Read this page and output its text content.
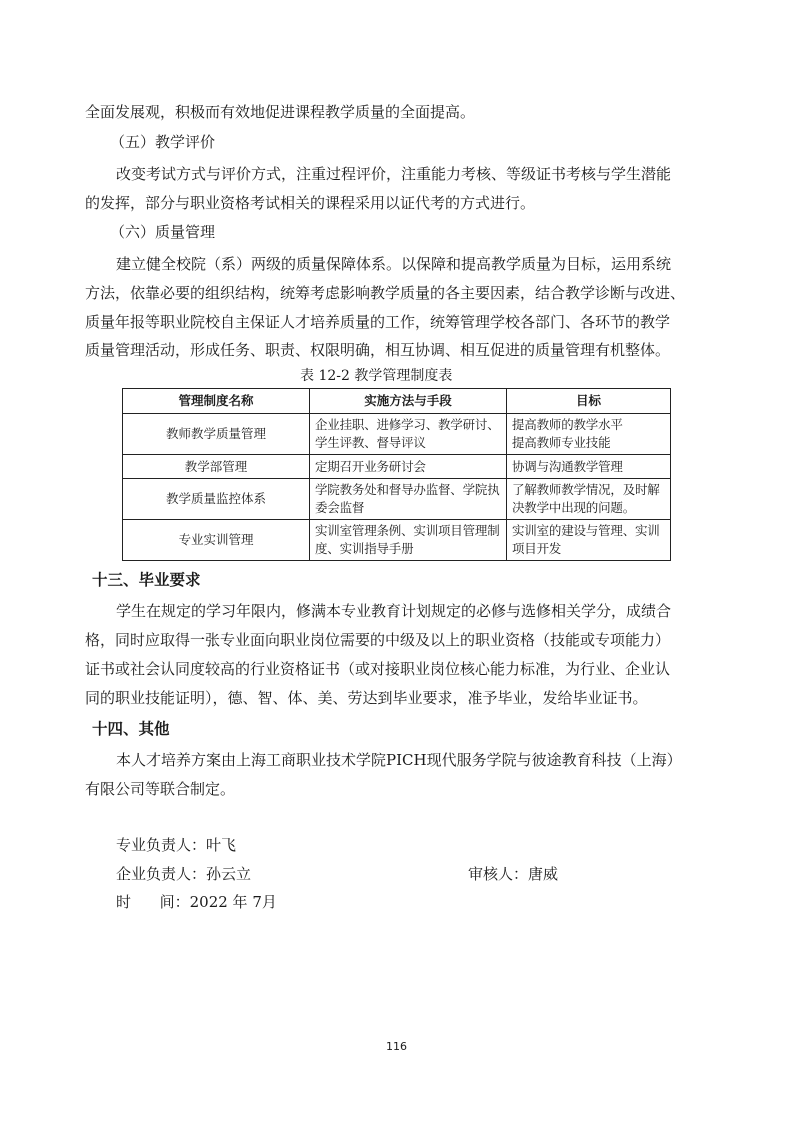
全面发展观，积极而有效地促进课程教学质量的全面提高。
（五）教学评价
改变考试方式与评价方式，注重过程评价，注重能力考核、等级证书考核与学生潜能
的发挥，部分与职业资格考试相关的课程采用以证代考的方式进行。
（六）质量管理
建立健全校院（系）两级的质量保障体系。以保障和提高教学质量为目标，运用系统
方法，依靠必要的组织结构，统筹考虑影响教学质量的各主要因素，结合教学诊断与改进、
质量年报等职业院校自主保证人才培养质量的工作，统筹管理学校各部门、各环节的教学
质量管理活动，形成任务、职责、权限明确，相互协调、相互促进的质量管理有机整体。
表 12-2 教学管理制度表
管理制度名称	实施方法与手段	目标
教师教学质量管理	企业挂职、进修学习、教学研讨、学生评教、督导评议	提高教师的教学水平
提高教师专业技能
教学部管理	定期召开业务研讨会	协调与沟通教学管理
教学质量监控体系	学院教务处和督导办监督、学院执委会监督	了解教师教学情况，及时解决教学中出现的问题。
专业实训管理	实训室管理条例、实训项目管理制度、实训指导手册	实训室的建设与管理、实训项目开发
十三、毕业要求
学生在规定的学习年限内，修满本专业教育计划规定的必修与选修相关学分，成绩合
格，同时应取得一张专业面向职业岗位需要的中级及以上的职业资格（技能或专项能力）
证书或社会认同度较高的行业资格证书（或对接职业岗位核心能力标准，为行业、企业认
同的职业技能证明），德、智、体、美、劳达到毕业要求，准予毕业，发给毕业证书。
十四、其他
本人才培养方案由上海工商职业技术学院PICH现代服务学院与彼途教育科技（上海）
有限公司等联合制定。
专业负责人：叶飞
企业负责人：孙云立	审核人：唐威
时      间：2022 年 7月
116
